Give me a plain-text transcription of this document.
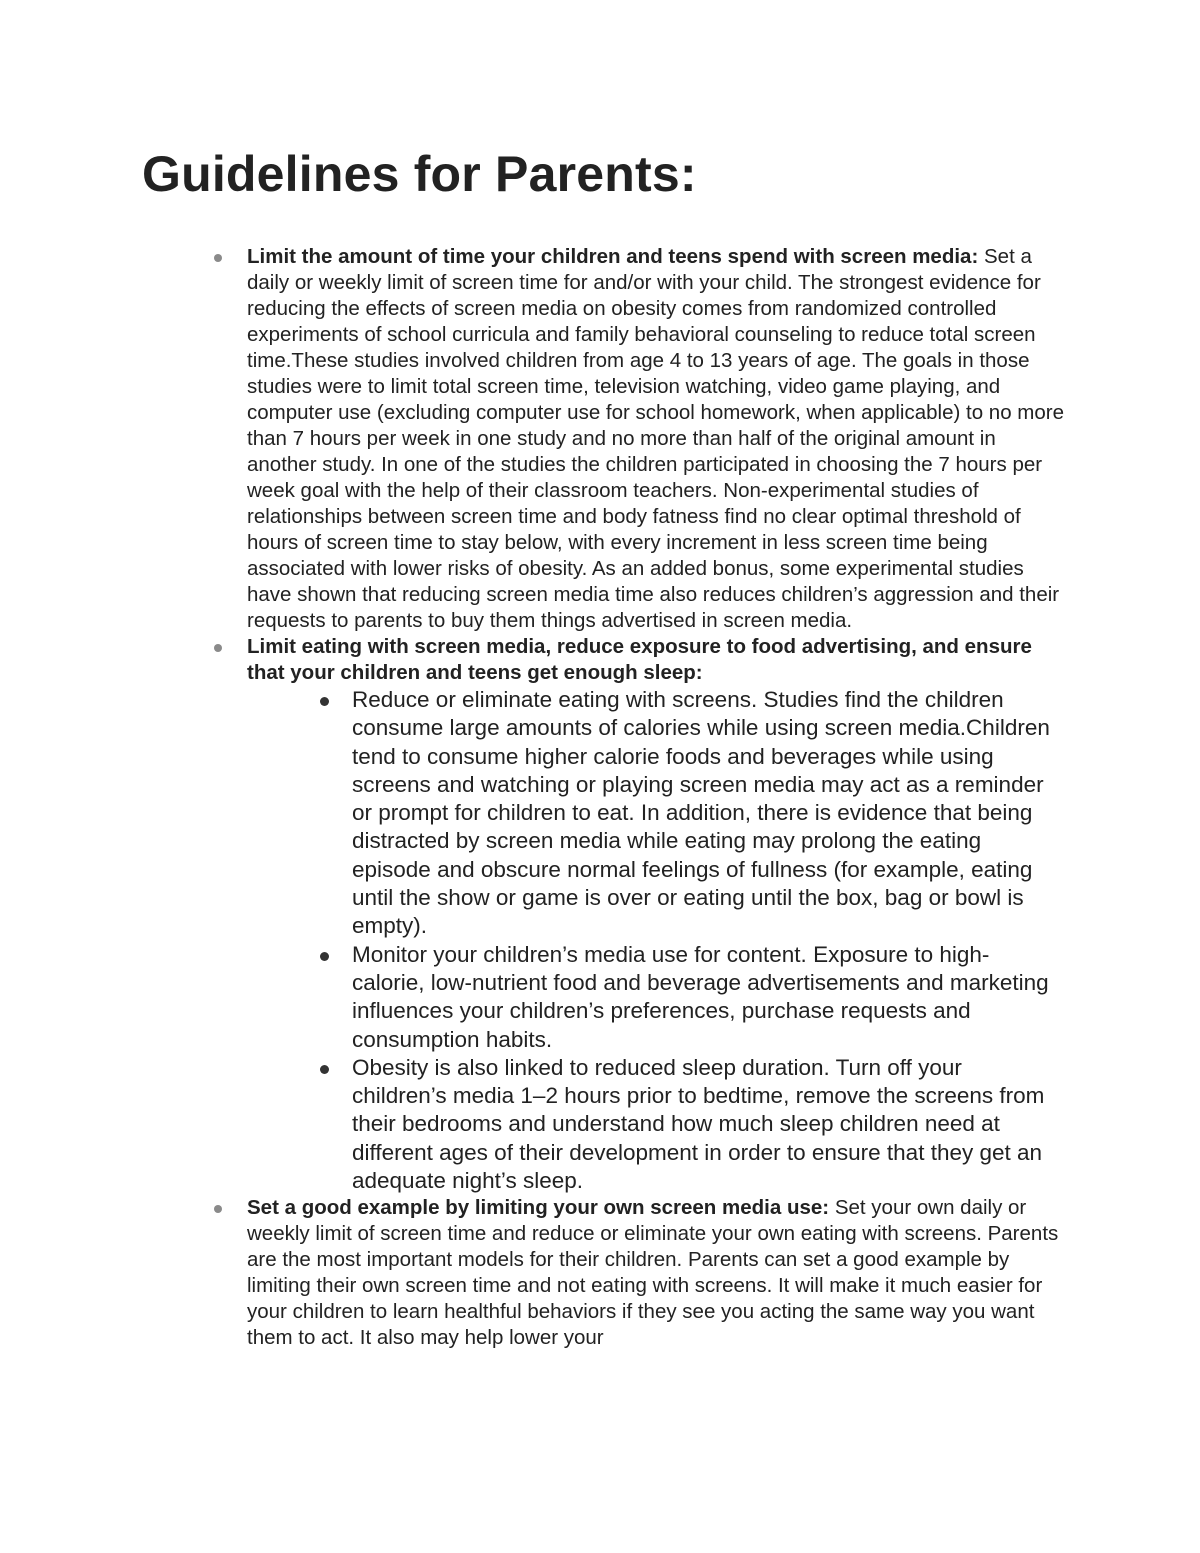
Guidelines for Parents:
Limit the amount of time your children and teens spend with screen media: Set a daily or weekly limit of screen time for and/or with your child. The strongest evidence for reducing the effects of screen media on obesity comes from randomized controlled experiments of school curricula and family behavioral counseling to reduce total screen time.These studies involved children from age 4 to 13 years of age. The goals in those studies were to limit total screen time, television watching, video game playing, and computer use (excluding computer use for school homework, when applicable) to no more than 7 hours per week in one study and no more than half of the original amount in another study. In one of the studies the children participated in choosing the 7 hours per week goal with the help of their classroom teachers. Non-experimental studies of relationships between screen time and body fatness find no clear optimal threshold of hours of screen time to stay below, with every increment in less screen time being associated with lower risks of obesity. As an added bonus, some experimental studies have shown that reducing screen media time also reduces children’s aggression and their requests to parents to buy them things advertised in screen media.
Limit eating with screen media, reduce exposure to food advertising, and ensure that your children and teens get enough sleep:
Reduce or eliminate eating with screens. Studies find the children consume large amounts of calories while using screen media.Children tend to consume higher calorie foods and beverages while using screens and watching or playing screen media may act as a reminder or prompt for children to eat. In addition, there is evidence that being distracted by screen media while eating may prolong the eating episode and obscure normal feelings of fullness (for example, eating until the show or game is over or eating until the box, bag or bowl is empty).
Monitor your children’s media use for content. Exposure to high-calorie, low-nutrient food and beverage advertisements and marketing influences your children’s preferences, purchase requests and consumption habits.
Obesity is also linked to reduced sleep duration. Turn off your children’s media 1–2 hours prior to bedtime, remove the screens from their bedrooms and understand how much sleep children need at different ages of their development in order to ensure that they get an adequate night’s sleep.
Set a good example by limiting your own screen media use: Set your own daily or weekly limit of screen time and reduce or eliminate your own eating with screens. Parents are the most important models for their children. Parents can set a good example by limiting their own screen time and not eating with screens. It will make it much easier for your children to learn healthful behaviors if they see you acting the same way you want them to act. It also may help lower your
